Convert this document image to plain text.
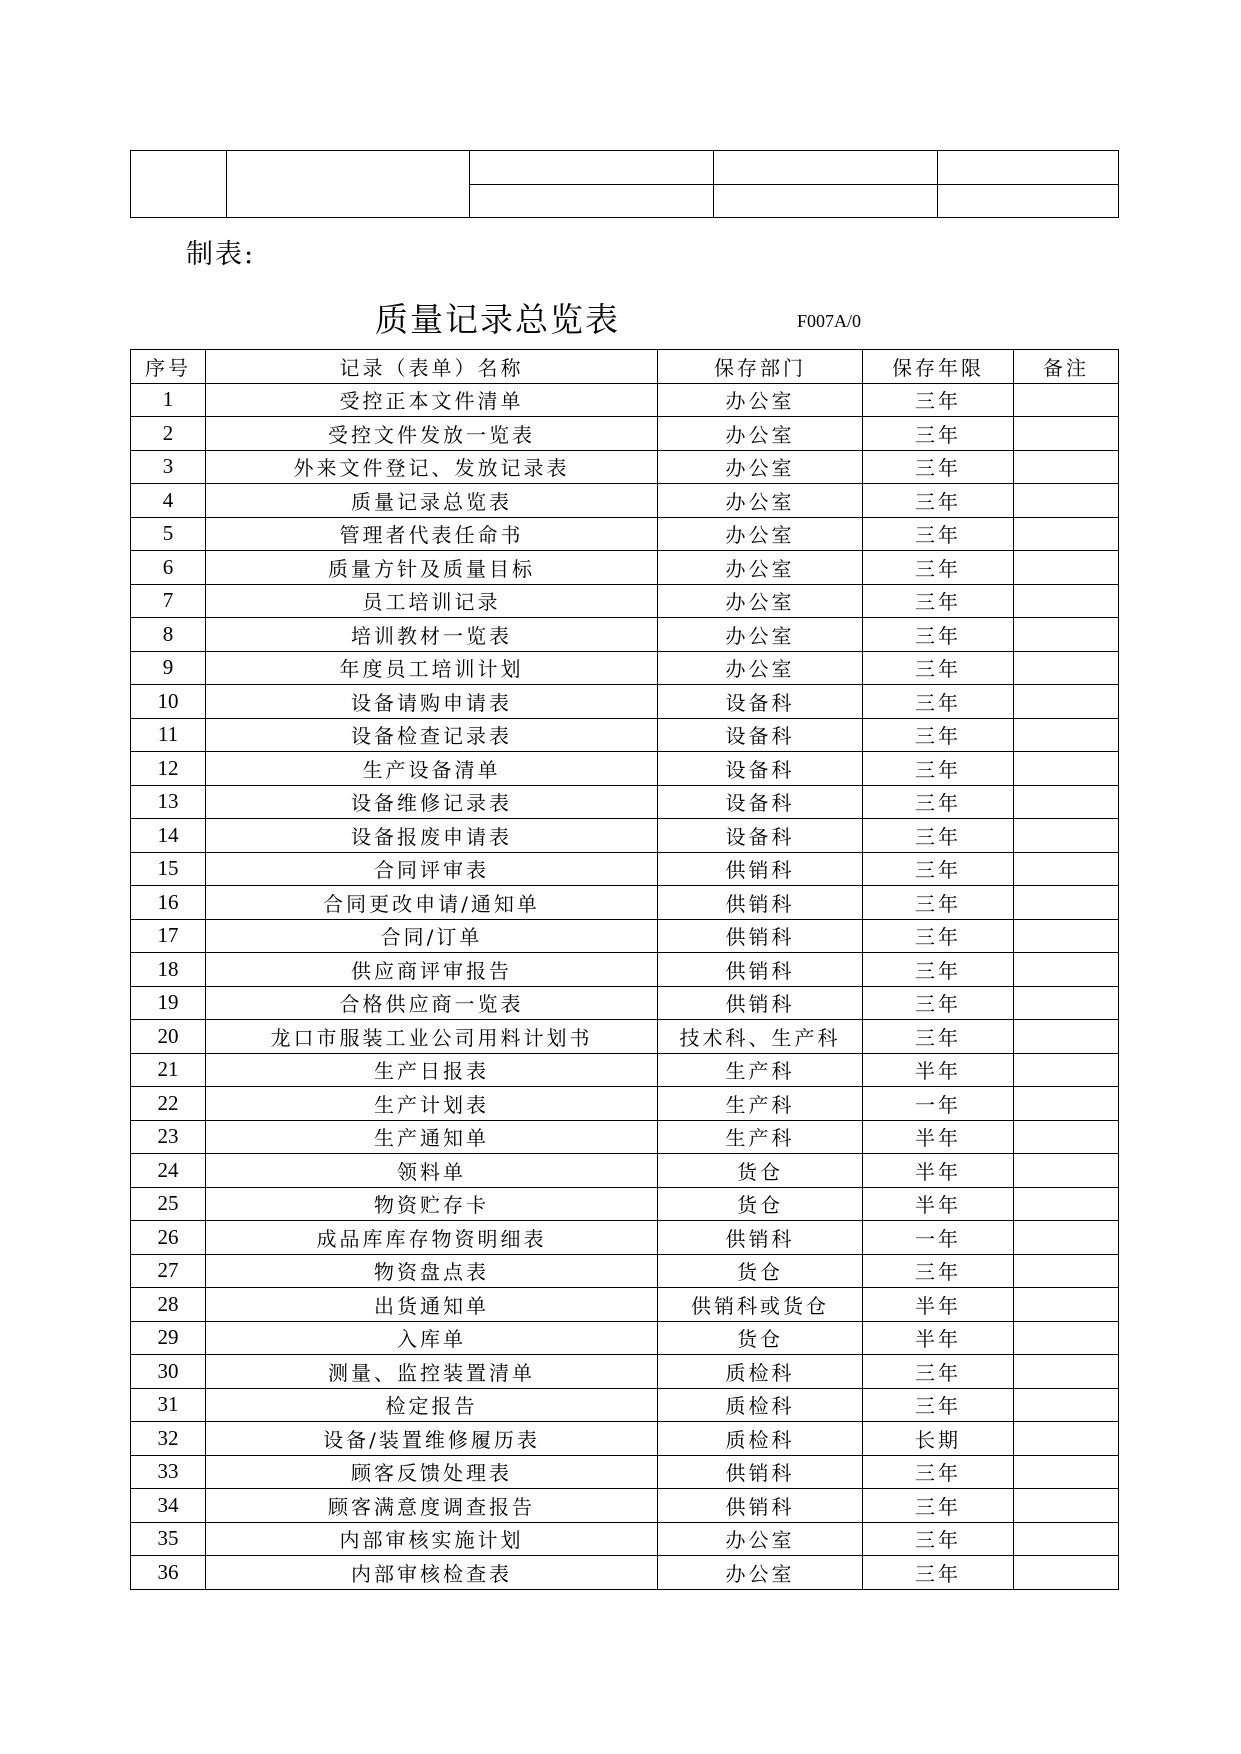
制表:
质量记录总览表	F007A/0
序号	记录（表单）名称	保存部门	保存年限	备注
1	受控正本文件清单	办公室	三年	
2	受控文件发放一览表	办公室	三年	
3	外来文件登记、发放记录表	办公室	三年	
4	质量记录总览表	办公室	三年	
5	管理者代表任命书	办公室	三年	
6	质量方针及质量目标	办公室	三年	
7	员工培训记录	办公室	三年	
8	培训教材一览表	办公室	三年	
9	年度员工培训计划	办公室	三年	
10	设备请购申请表	设备科	三年	
11	设备检查记录表	设备科	三年	
12	生产设备清单	设备科	三年	
13	设备维修记录表	设备科	三年	
14	设备报废申请表	设备科	三年	
15	合同评审表	供销科	三年	
16	合同更改申请/通知单	供销科	三年	
17	合同/订单	供销科	三年	
18	供应商评审报告	供销科	三年	
19	合格供应商一览表	供销科	三年	
20	龙口市服装工业公司用料计划书	技术科、生产科	三年	
21	生产日报表	生产科	半年	
22	生产计划表	生产科	一年	
23	生产通知单	生产科	半年	
24	领料单	货仓	半年	
25	物资贮存卡	货仓	半年	
26	成品库库存物资明细表	供销科	一年	
27	物资盘点表	货仓	三年	
28	出货通知单	供销科或货仓	半年	
29	入库单	货仓	半年	
30	测量、监控装置清单	质检科	三年	
31	检定报告	质检科	三年	
32	设备/装置维修履历表	质检科	长期	
33	顾客反馈处理表	供销科	三年	
34	顾客满意度调查报告	供销科	三年	
35	内部审核实施计划	办公室	三年	
36	内部审核检查表	办公室	三年	
